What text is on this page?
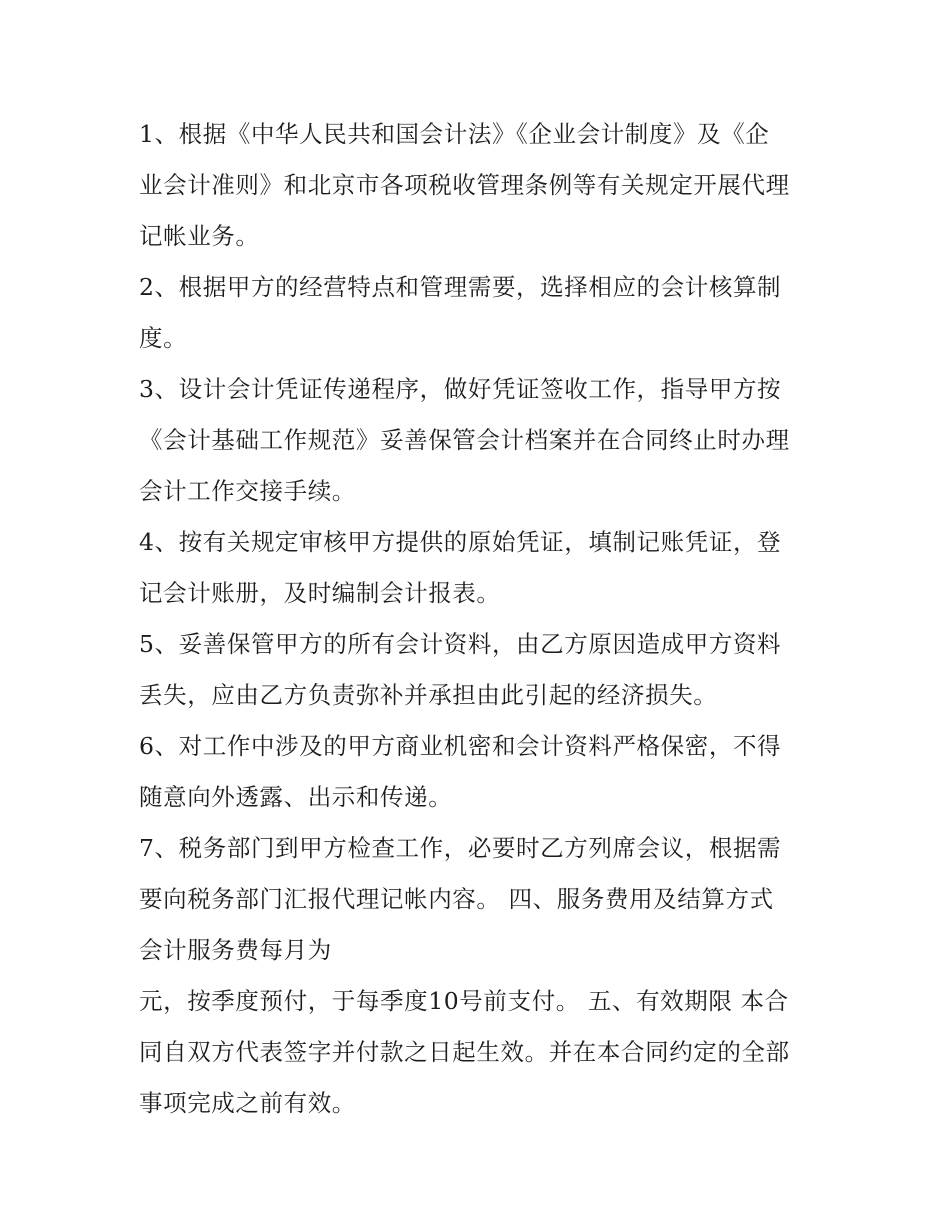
1、根据《中华人民共和国会计法》《企业会计制度》及《企
业会计准则》和北京市各项税收管理条例等有关规定开展代理
记帐业务。
2、根据甲方的经营特点和管理需要，选择相应的会计核算制
度。
3、设计会计凭证传递程序，做好凭证签收工作，指导甲方按
《会计基础工作规范》妥善保管会计档案并在合同终止时办理
会计工作交接手续。
4、按有关规定审核甲方提供的原始凭证，填制记账凭证，登
记会计账册，及时编制会计报表。
5、妥善保管甲方的所有会计资料，由乙方原因造成甲方资料
丢失，应由乙方负责弥补并承担由此引起的经济损失。
6、对工作中涉及的甲方商业机密和会计资料严格保密，不得
随意向外透露、出示和传递。
7、税务部门到甲方检查工作，必要时乙方列席会议，根据需
要向税务部门汇报代理记帐内容。 四、服务费用及结算方式
会计服务费每月为
元，按季度预付，于每季度10号前支付。 五、有效期限 本合
同自双方代表签字并付款之日起生效。并在本合同约定的全部
事项完成之前有效。
